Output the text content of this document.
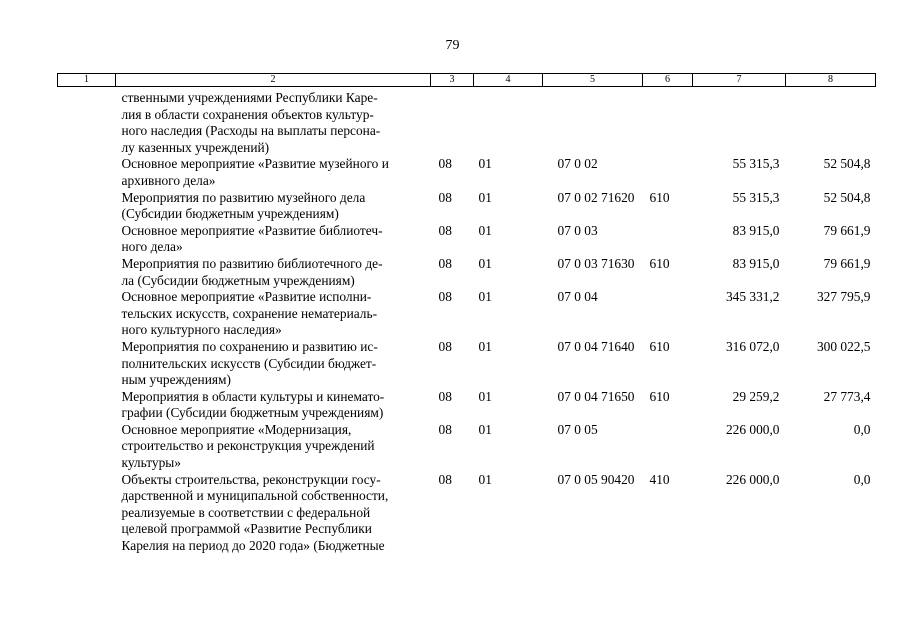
79
1	2	3	4	5	6	7	8
	ственными учреждениями Республики Каре-
лия в области сохранения объектов культур-
ного наследия (Расходы на выплаты персона-
лу казенных учреждений)						
	Основное мероприятие «Развитие музейного и
архивного дела»	08	01	07 0 02		55 315,3	52 504,8
	Мероприятия по развитию музейного дела
(Субсидии бюджетным учреждениям)	08	01	07 0 02 71620	610	55 315,3	52 504,8
	Основное мероприятие «Развитие библиотеч-
ного дела»	08	01	07 0 03		83 915,0	79 661,9
	Мероприятия по развитию библиотечного де-
ла (Субсидии бюджетным учреждениям)	08	01	07 0 03 71630	610	83 915,0	79 661,9
	Основное мероприятие «Развитие исполни-
тельских искусств, сохранение нематериаль-
ного культурного наследия»	08	01	07 0 04		345 331,2	327 795,9
	Мероприятия по сохранению и развитию ис-
полнительских искусств (Субсидии бюджет-
ным учреждениям)	08	01	07 0 04 71640	610	316 072,0	300 022,5
	Мероприятия в области культуры и кинемато-
графии (Субсидии бюджетным учреждениям)	08	01	07 0 04 71650	610	29 259,2	27 773,4
	Основное мероприятие «Модернизация,
строительство и реконструкция учреждений
культуры»	08	01	07 0 05		226 000,0	0,0
	Объекты строительства, реконструкции госу-
дарственной и муниципальной собственности,
реализуемые в соответствии с федеральной
целевой программой «Развитие Республики
Карелия на период до 2020 года» (Бюджетные	08	01	07 0 05 90420	410	226 000,0	0,0
